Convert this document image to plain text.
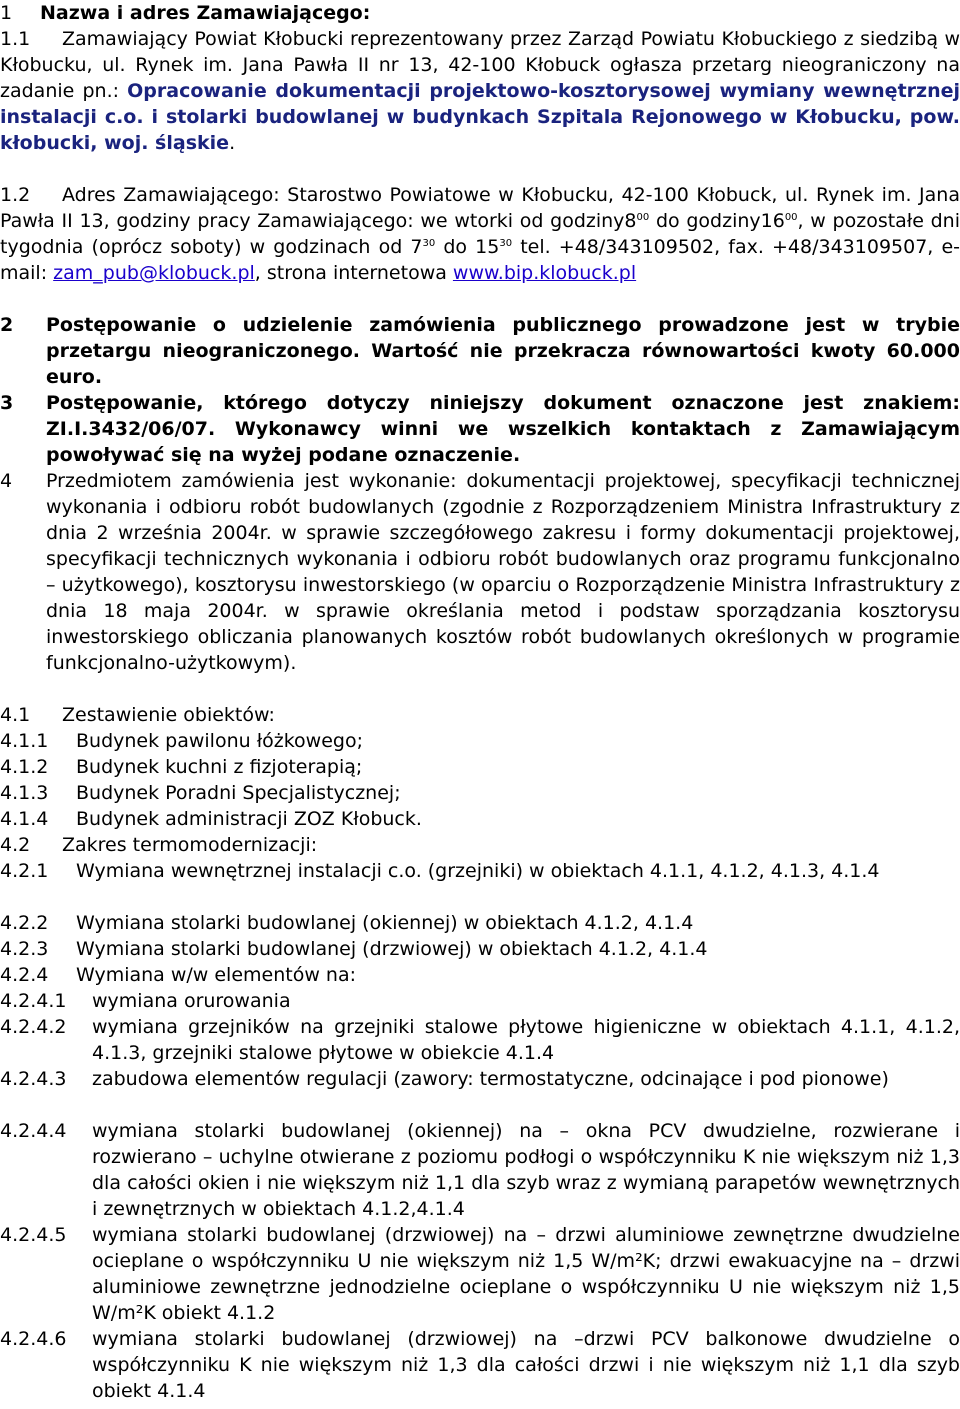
1	Nazwa i adres Zamawiającego:
1.1	Zamawiający Powiat Kłobucki reprezentowany przez Zarząd Powiatu Kłobuckiego z siedzibą w Kłobucku, ul. Rynek im. Jana Pawła II nr 13, 42-100 Kłobuck ogłasza przetarg nieograniczony na zadanie pn.: Opracowanie dokumentacji projektowo-kosztorysowej wymiany wewnętrznej instalacji c.o. i stolarki budowlanej w budynkach Szpitala Rejonowego w Kłobucku, pow. kłobucki, woj. śląskie.
1.2	Adres Zamawiającego: Starostwo Powiatowe w Kłobucku, 42-100 Kłobuck, ul. Rynek im. Jana Pawła II 13, godziny pracy Zamawiającego: we wtorki od $godziny8^{00}$ do $godziny16^{00}$, w pozostałe dni tygodnia (oprócz soboty) w godzinach od $7^{30}$ do $15^{30}$ tel. +48/343109502, fax. +48/343109507, e-mail: zam_pub@klobuck.pl, strona internetowa www.bip.klobuck.pl
2	Postępowanie o udzielenie zamówienia publicznego prowadzone jest w trybie przetargu nieograniczonego. Wartość nie przekracza równowartości kwoty 60.000 euro.
3	Postępowanie, którego dotyczy niniejszy dokument oznaczone jest znakiem: ZI.I.3432/06/07. Wykonawcy winni we wszelkich kontaktach z Zamawiającym powoływać się na wyżej podane oznaczenie.
4	Przedmiotem zamówienia jest wykonanie: dokumentacji projektowej, specyfikacji technicznej wykonania i odbioru robót budowlanych (zgodnie z Rozporządzeniem Ministra Infrastruktury z dnia 2 września 2004r. w sprawie szczegółowego zakresu i formy dokumentacji projektowej, specyfikacji technicznych wykonania i odbioru robót budowlanych oraz programu funkcjonalno – użytkowego), kosztorysu inwestorskiego (w oparciu o Rozporządzenie Ministra Infrastruktury z dnia 18 maja 2004r. w sprawie określania metod i podstaw sporządzania kosztorysu inwestorskiego obliczania planowanych kosztów robót budowlanych określonych w programie funkcjonalno-użytkowym).
4.1	Zestawienie obiektów:
4.1.1	Budynek pawilonu łóżkowego;
4.1.2	Budynek kuchni z fizjoterapią;
4.1.3	Budynek Poradni Specjalistycznej;
4.1.4	Budynek administracji ZOZ Kłobuck.
4.2	Zakres termomodernizacji:
4.2.1	Wymiana wewnętrznej instalacji c.o. (grzejniki) w obiektach 4.1.1, 4.1.2, 4.1.3, 4.1.4
4.2.2	Wymiana stolarki budowlanej (okiennej) w obiektach 4.1.2, 4.1.4
4.2.3	Wymiana stolarki budowlanej (drzwiowej) w obiektach 4.1.2, 4.1.4
4.2.4	Wymiana w/w elementów na:
4.2.4.1	wymiana orurowania
4.2.4.2	wymiana grzejników na grzejniki stalowe płytowe higieniczne w obiektach 4.1.1, 4.1.2, 4.1.3, grzejniki stalowe płytowe w obiekcie 4.1.4
4.2.4.3	zabudowa elementów regulacji (zawory: termostatyczne, odcinające i pod pionowe)
4.2.4.4	wymiana stolarki budowlanej (okiennej) na – okna PCV dwudzielne, rozwierane i rozwierano – uchylne otwierane z poziomu podłogi o współczynniku K nie większym niż 1,3 dla całości okien i nie większym niż 1,1 dla szyb wraz z wymianą parapetów wewnętrznych i zewnętrznych w obiektach 4.1.2,4.1.4
4.2.4.5	wymiana stolarki budowlanej (drzwiowej) na – drzwi aluminiowe zewnętrzne dwudzielne ocieplane o współczynniku U nie większym niż 1,5 W/m²K; drzwi ewakuacyjne na – drzwi aluminiowe zewnętrzne jednodzielne ocieplane o współczynniku U nie większym niż 1,5 W/m²K obiekt 4.1.2
4.2.4.6	wymiana stolarki budowlanej (drzwiowej) na –drzwi PCV balkonowe dwudzielne o współczynniku K nie większym niż 1,3 dla całości drzwi i nie większym niż 1,1 dla szyb obiekt 4.1.4
